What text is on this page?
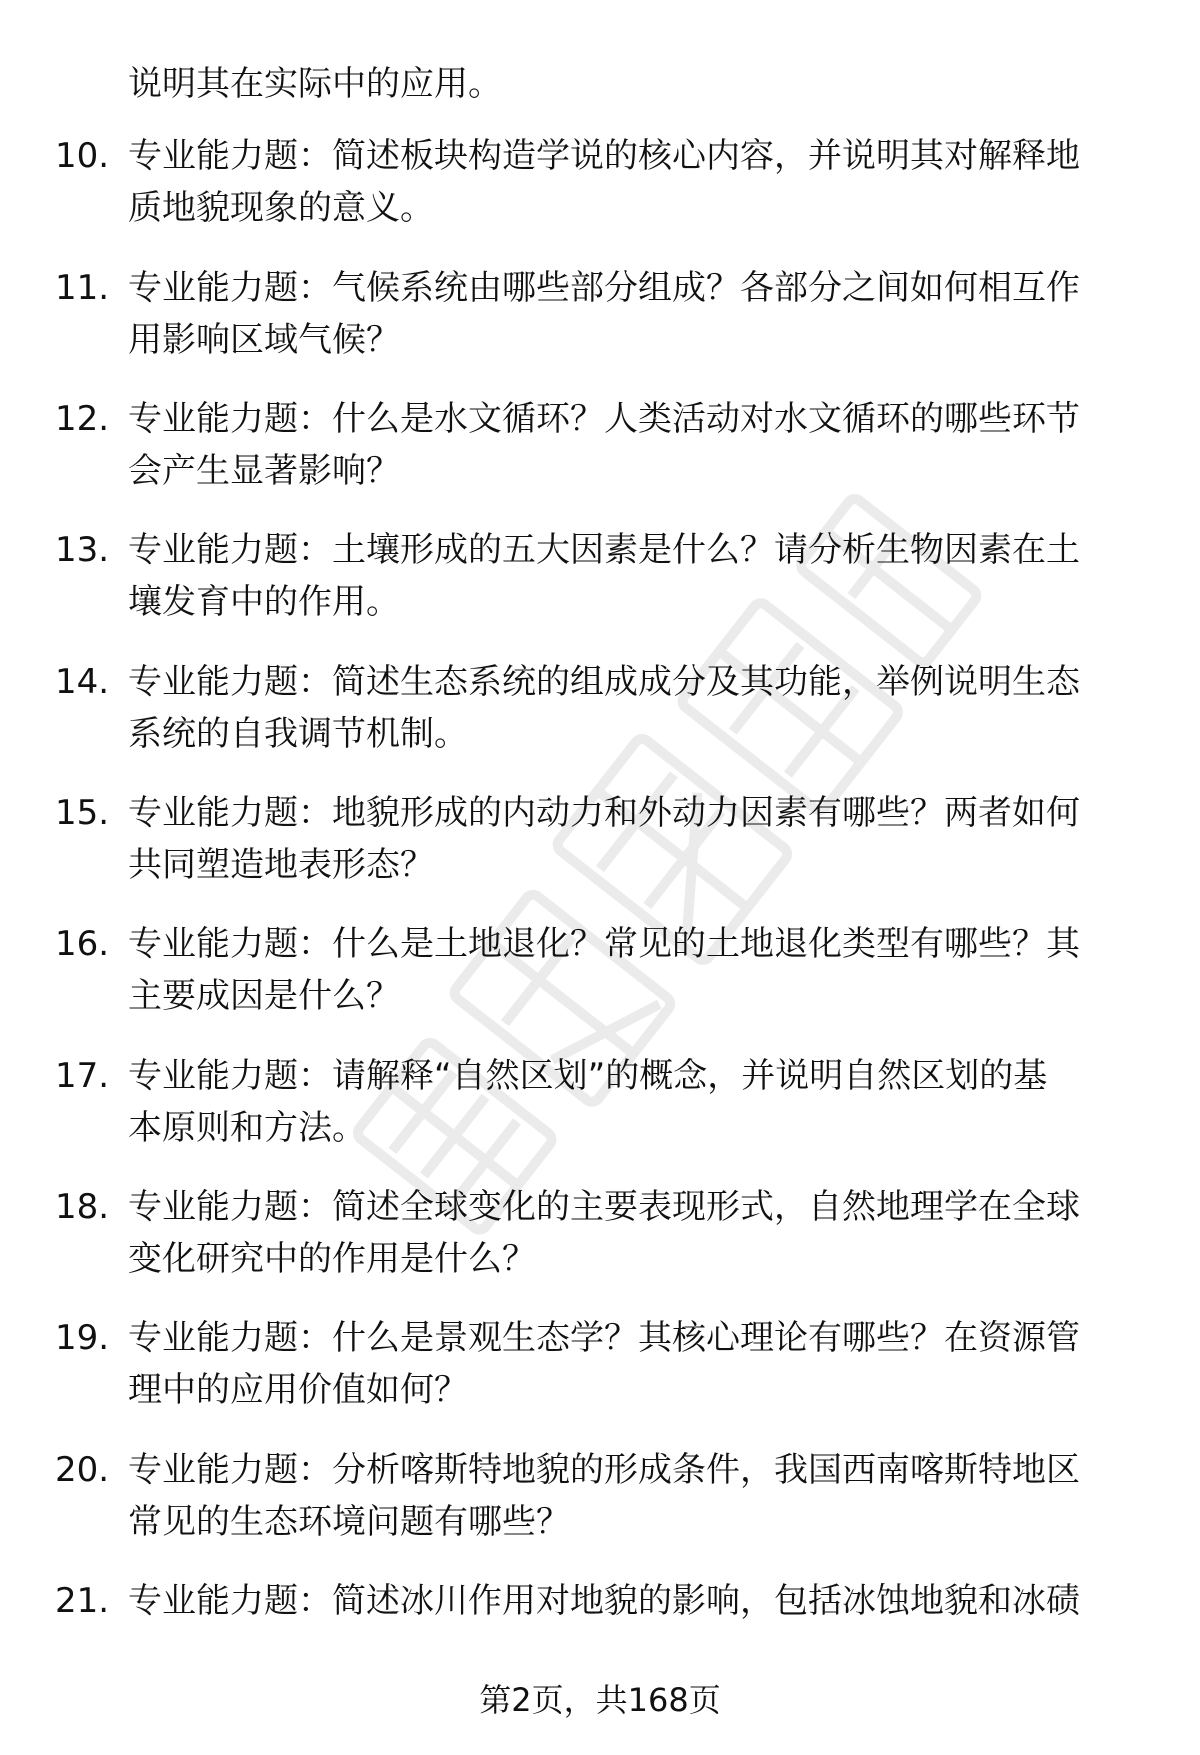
说明其在实际中的应用。
10. 专业能力题：简述板块构造学说的核心内容，并说明其对解释地
质地貌现象的意义。
11. 专业能力题：气候系统由哪些部分组成？各部分之间如何相互作
用影响区域气候？
12. 专业能力题：什么是水文循环？人类活动对水文循环的哪些环节
会产生显著影响？
13. 专业能力题：土壤形成的五大因素是什么？请分析生物因素在土
壤发育中的作用。
14. 专业能力题：简述生态系统的组成成分及其功能，举例说明生态
系统的自我调节机制。
15. 专业能力题：地貌形成的内动力和外动力因素有哪些？两者如何
共同塑造地表形态？
16. 专业能力题：什么是土地退化？常见的土地退化类型有哪些？其
主要成因是什么？
17. 专业能力题：请解释“自然区划”的概念，并说明自然区划的基
本原则和方法。
18. 专业能力题：简述全球变化的主要表现形式，自然地理学在全球
变化研究中的作用是什么？
19. 专业能力题：什么是景观生态学？其核心理论有哪些？在资源管
理中的应用价值如何？
20. 专业能力题：分析喀斯特地貌的形成条件，我国西南喀斯特地区
常见的生态环境问题有哪些？
21. 专业能力题：简述冰川作用对地貌的影响，包括冰蚀地貌和冰碛
第2页，共168页
